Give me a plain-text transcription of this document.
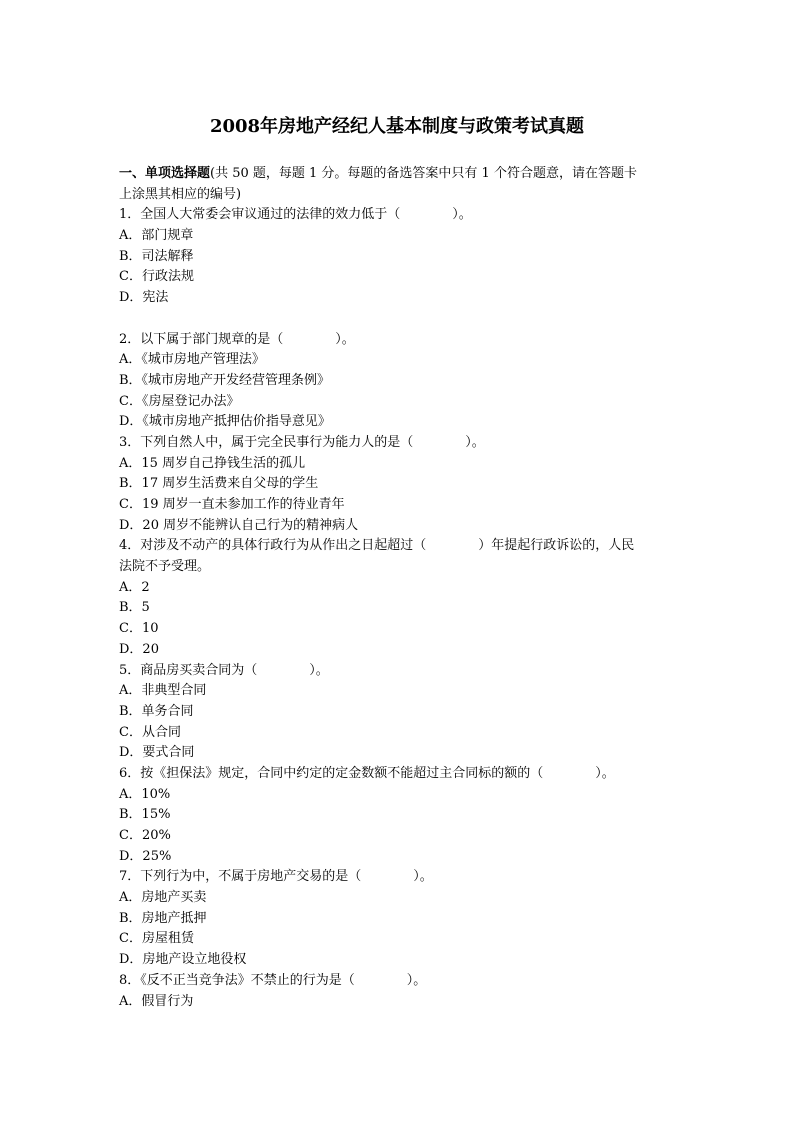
2008年房地产经纪人基本制度与政策考试真题
一、单项选择题(共 50 题，每题 1 分。每题的备选答案中只有 1 个符合题意，请在答题卡
上涂黑其相应的编号)
1．全国人大常委会审议通过的法律的效力低于（　　　　）。
A．部门规章
B．司法解释
C．行政法规
D．宪法
2．以下属于部门规章的是（　　　　）。
A．《城市房地产管理法》
B．《城市房地产开发经营管理条例》
C．《房屋登记办法》
D．《城市房地产抵押估价指导意见》
3．下列自然人中，属于完全民事行为能力人的是（　　　　）。
A．15 周岁自己挣钱生活的孤儿
B．17 周岁生活费来自父母的学生
C．19 周岁一直未参加工作的待业青年
D．20 周岁不能辨认自己行为的精神病人
4．对涉及不动产的具体行政行为从作出之日起超过（　　　　）年提起行政诉讼的，人民
法院不予受理。
A．2
B．5
C．10
D．20
5．商品房买卖合同为（　　　　）。
A．非典型合同
B．单务合同
C．从合同
D．要式合同
6．按《担保法》规定，合同中约定的定金数额不能超过主合同标的额的（　　　　）。
A．10%
B．15%
C．20%
D．25%
7．下列行为中，不属于房地产交易的是（　　　　）。
A．房地产买卖
B．房地产抵押
C．房屋租赁
D．房地产设立地役权
8．《反不正当竞争法》不禁止的行为是（　　　　）。
A．假冒行为
